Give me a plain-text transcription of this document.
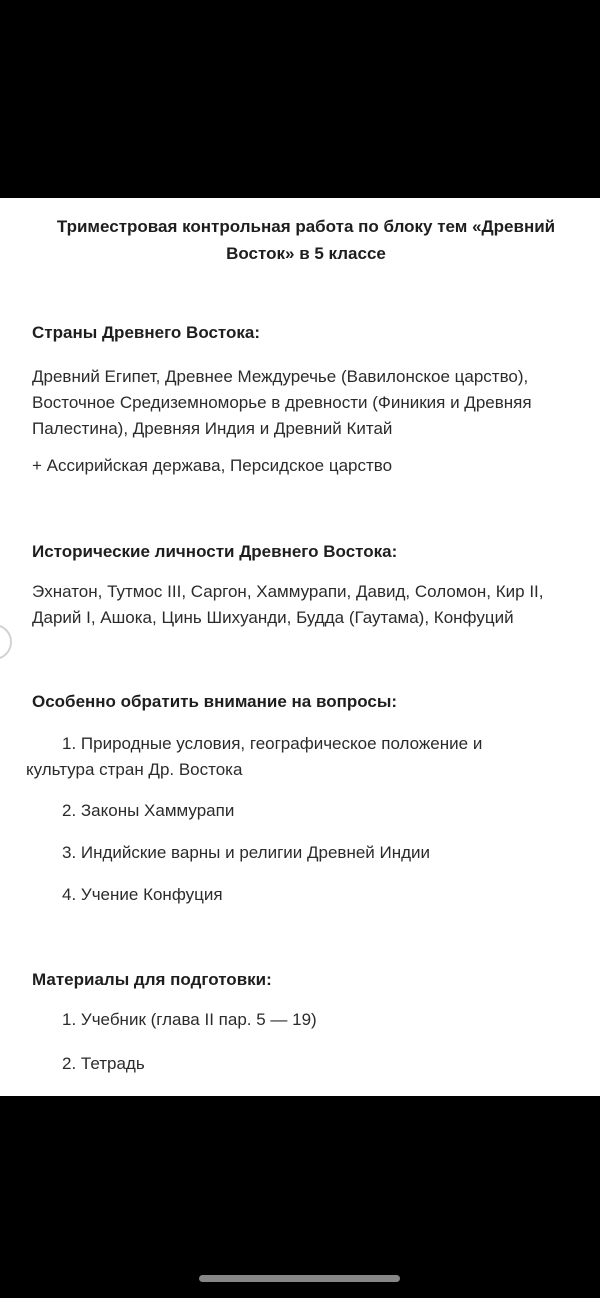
Триместровая контрольная работа по блоку тем «Древний Восток» в 5 классе

Страны Древнего Востока:

Древний Египет, Древнее Междуречье (Вавилонское царство), Восточное Средиземноморье в древности (Финикия и Древняя Палестина), Древняя Индия и Древний Китай

+ Ассирийская держава, Персидское царство

Исторические личности Древнего Востока:

Эхнатон, Тутмос III, Саргон, Хаммурапи, Давид, Соломон, Кир II, Дарий I, Ашока, Цинь Шихуанди, Будда (Гаутама), Конфуций

Особенно обратить внимание на вопросы:

1. Природные условия, географическое положение и культура стран Др. Востока

2. Законы Хаммурапи

3. Индийские варны и религии Древней Индии

4. Учение Конфуция

Материалы для подготовки:

1. Учебник (глава II пар. 5 — 19)

2. Тетрадь
